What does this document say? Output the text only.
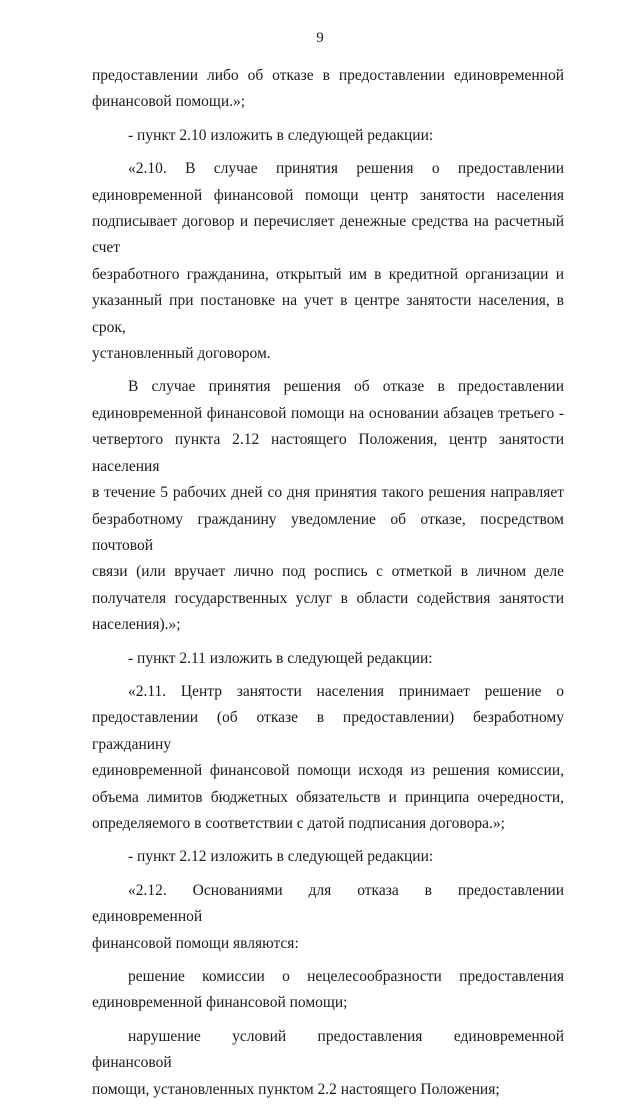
9
предоставлении либо об отказе в предоставлении единовременной
финансовой помощи.»;
- пункт 2.10 изложить в следующей редакции:
«2.10. В случае принятия решения о предоставлении
единовременной финансовой помощи центр занятости населения
подписывает договор и перечисляет денежные средства на расчетный счет
безработного гражданина, открытый им в кредитной организации и
указанный при постановке на учет в центре занятости населения, в срок,
установленный договором.
В случае принятия решения об отказе в предоставлении
единовременной финансовой помощи на основании абзацев третьего -
четвертого пункта 2.12 настоящего Положения, центр занятости населения
в течение 5 рабочих дней со дня принятия такого решения направляет
безработному гражданину уведомление об отказе, посредством почтовой
связи (или вручает лично под роспись с отметкой в личном деле
получателя государственных услуг в области содействия занятости
населения).»;
- пункт 2.11 изложить в следующей редакции:
«2.11. Центр занятости населения принимает решение о
предоставлении (об отказе в предоставлении) безработному гражданину
единовременной финансовой помощи исходя из решения комиссии,
объема лимитов бюджетных обязательств и принципа очередности,
определяемого в соответствии с датой подписания договора.»;
- пункт 2.12 изложить в следующей редакции:
«2.12. Основаниями для отказа в предоставлении единовременной
финансовой помощи являются:
решение комиссии о нецелесообразности предоставления
единовременной финансовой помощи;
нарушение условий предоставления единовременной финансовой
помощи, установленных пунктом 2.2 настоящего Положения;
